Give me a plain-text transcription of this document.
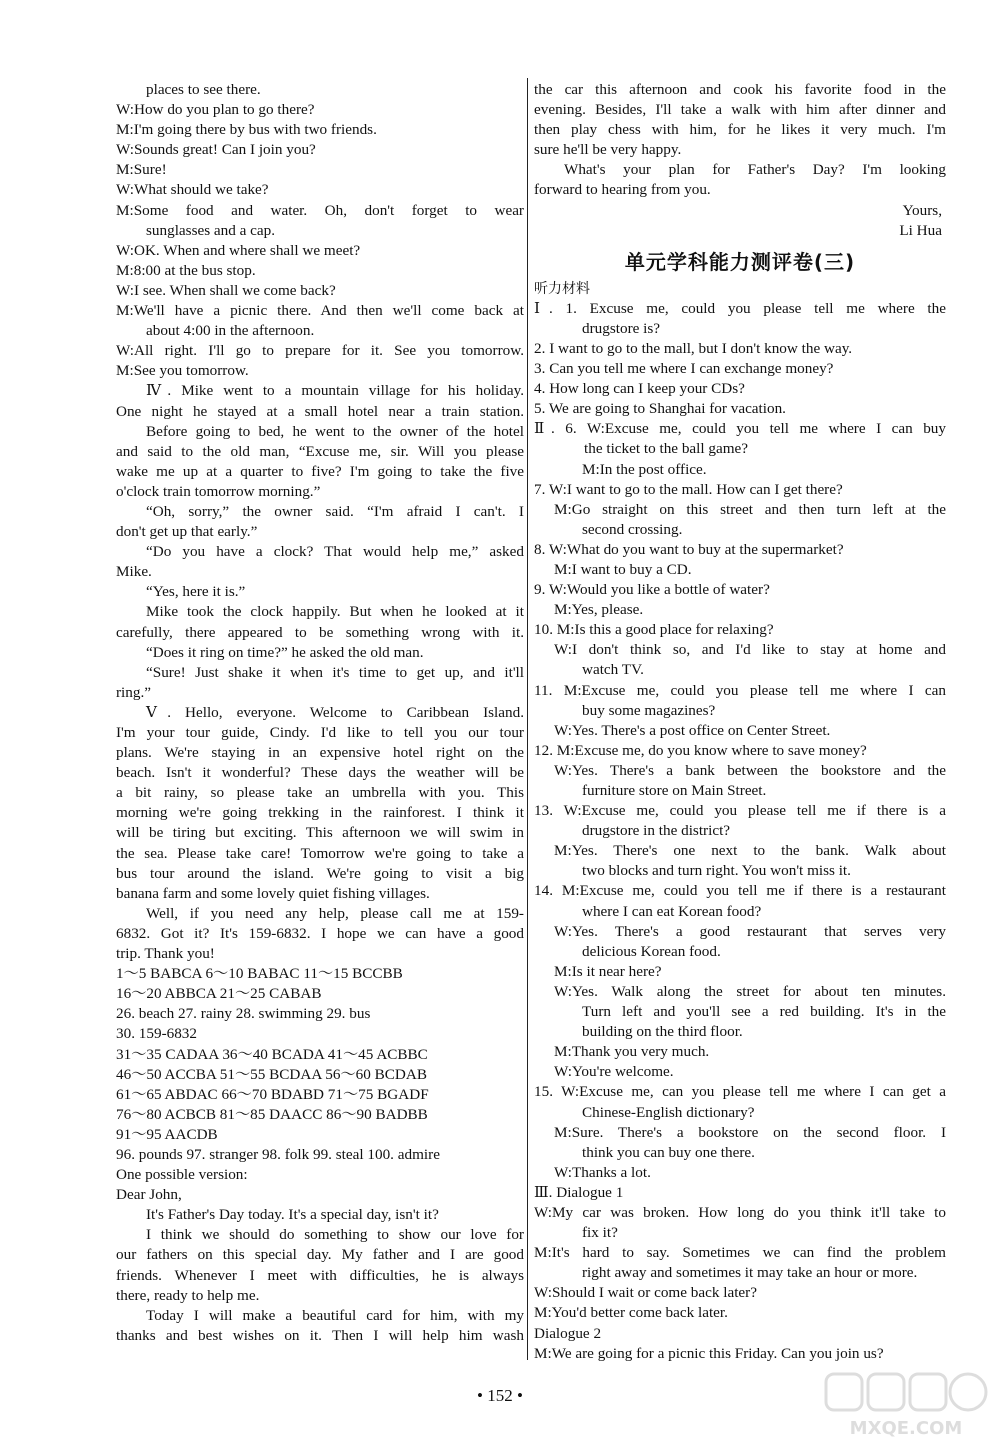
places to see there.
W:How do you plan to go there?
M:I'm going there by bus with two friends.
W:Sounds great! Can I join you?
M:Sure!
W:What should we take?
M:Some food and water. Oh, don't forget to wear
sunglasses and a cap.
W:OK. When and where shall we meet?
M:8:00 at the bus stop.
W:I see. When shall we come back?
M:We'll have a picnic there. And then we'll come back at
about 4:00 in the afternoon.
W:All right. I'll go to prepare for it. See you tomorrow.
M:See you tomorrow.
Ⅳ. Mike went to a mountain village for his holiday.
One night he stayed at a small hotel near a train station.
Before going to bed, he went to the owner of the hotel
and said to the old man, “Excuse me, sir. Will you please
wake me up at a quarter to five? I'm going to take the five
o'clock train tomorrow morning.”
“Oh, sorry,” the owner said. “I'm afraid I can't. I
don't get up that early.”
“Do you have a clock? That would help me,” asked
Mike.
“Yes, here it is.”
Mike took the clock happily. But when he looked at it
carefully, there appeared to be something wrong with it.
“Does it ring on time?” he asked the old man.
“Sure! Just shake it when it's time to get up, and it'll
ring.”
Ⅴ. Hello, everyone. Welcome to Caribbean Island.
I'm your tour guide, Cindy. I'd like to tell you our tour
plans. We're staying in an expensive hotel right on the
beach. Isn't it wonderful? These days the weather will be
a bit rainy, so please take an umbrella with you. This
morning we're going trekking in the rainforest. I think it
will be tiring but exciting. This afternoon we will swim in
the sea. Please take care! Tomorrow we're going to take a
bus tour around the island. We're going to visit a big
banana farm and some lovely quiet fishing villages.
Well, if you need any help, please call me at 159-
6832. Got it? It's 159-6832. I hope we can have a good
trip. Thank you!
1～5 BABCA 6～10 BABAC 11～15 BCCBB
16～20 ABBCA 21～25 CABAB
26. beach 27. rainy 28. swimming 29. bus
30. 159-6832
31～35 CADAA 36～40 BCADA 41～45 ACBBC
46～50 ACCBA 51～55 BCDAA 56～60 BCDAB
61～65 ABDAC 66～70 BDABD 71～75 BGADF
76～80 ACBCB 81～85 DAACC 86～90 BADBB
91～95 AACDB
96. pounds 97. stranger 98. folk 99. steal 100. admire
One possible version:
Dear John,
It's Father's Day today. It's a special day, isn't it?
I think we should do something to show our love for
our fathers on this special day. My father and I are good
friends. Whenever I meet with difficulties, he is always
there, ready to help me.
Today I will make a beautiful card for him, with my
thanks and best wishes on it. Then I will help him wash
the car this afternoon and cook his favorite food in the
evening. Besides, I'll take a walk with him after dinner and
then play chess with him, for he likes it very much. I'm
sure he'll be very happy.
What's your plan for Father's Day? I'm looking
forward to hearing from you.
Yours,
Li Hua
单元学科能力测评卷(三)
听力材料
Ⅰ. 1. Excuse me, could you please tell me where the
drugstore is?
2. I want to go to the mall, but I don't know the way.
3. Can you tell me where I can exchange money?
4. How long can I keep your CDs?
5. We are going to Shanghai for vacation.
Ⅱ. 6. W:Excuse me, could you tell me where I can buy
the ticket to the ball game?
M:In the post office.
7. W:I want to go to the mall. How can I get there?
M:Go straight on this street and then turn left at the
second crossing.
8. W:What do you want to buy at the supermarket?
M:I want to buy a CD.
9. W:Would you like a bottle of water?
M:Yes, please.
10. M:Is this a good place for relaxing?
W:I don't think so, and I'd like to stay at home and
watch TV.
11. M:Excuse me, could you please tell me where I can
buy some magazines?
W:Yes. There's a post office on Center Street.
12. M:Excuse me, do you know where to save money?
W:Yes. There's a bank between the bookstore and the
furniture store on Main Street.
13. W:Excuse me, could you please tell me if there is a
drugstore in the district?
M:Yes. There's one next to the bank. Walk about
two blocks and turn right. You won't miss it.
14. M:Excuse me, could you tell me if there is a restaurant
where I can eat Korean food?
W:Yes. There's a good restaurant that serves very
delicious Korean food.
M:Is it near here?
W:Yes. Walk along the street for about ten minutes.
Turn left and you'll see a red building. It's in the
building on the third floor.
M:Thank you very much.
W:You're welcome.
15. W:Excuse me, can you please tell me where I can get a
Chinese-English dictionary?
M:Sure. There's a bookstore on the second floor. I
think you can buy one there.
W:Thanks a lot.
Ⅲ. Dialogue 1
W:My car was broken. How long do you think it'll take to
fix it?
M:It's hard to say. Sometimes we can find the problem
right away and sometimes it may take an hour or more.
W:Should I wait or come back later?
M:You'd better come back later.
Dialogue 2
M:We are going for a picnic this Friday. Can you join us?
• 152 •
MXQE.COM
